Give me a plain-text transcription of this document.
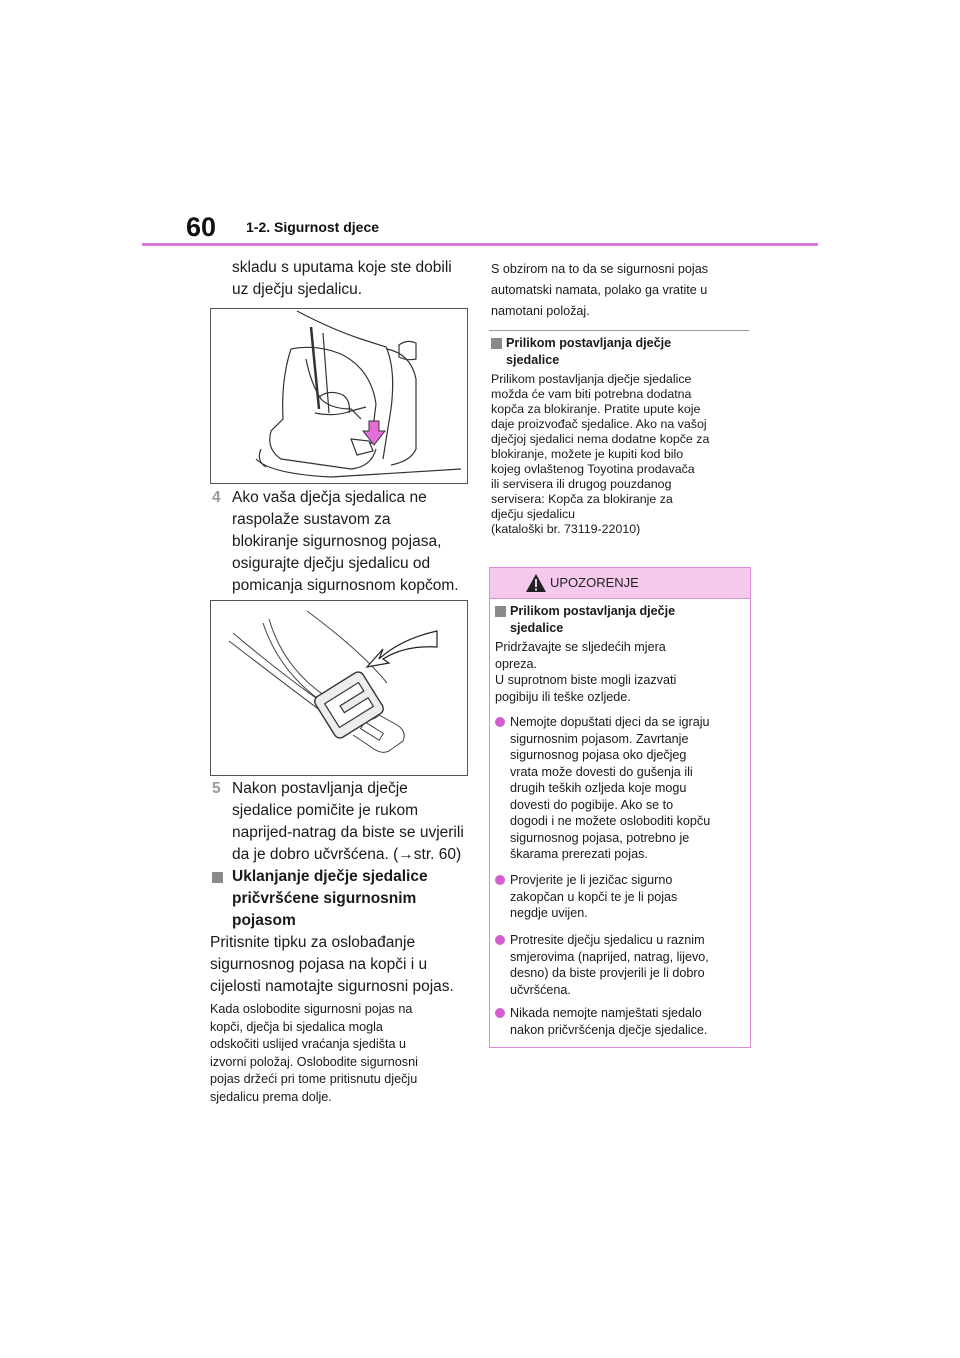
60 1-2. Sigurnost djece
skladu s uputama koje ste dobili
uz dječju sjedalicu.
4 Ako vaša dječja sjedalica ne
raspolaže sustavom za
blokiranje sigurnosnog pojasa,
osigurajte dječju sjedalicu od
pomicanja sigurnosnom kopčom.
5 Nakon postavljanja dječje
sjedalice pomičite je rukom
naprijed-natrag da biste se uvjerili
da je dobro učvršćena. (→str. 60)
Uklanjanje dječje sjedalice
pričvršćene sigurnosnim
pojasom
Pritisnite tipku za oslobađanje
sigurnosnog pojasa na kopči i u
cijelosti namotajte sigurnosni pojas.
Kada oslobodite sigurnosni pojas na
kopči, dječja bi sjedalica mogla
odskočiti uslijed vraćanja sjedišta u
izvorni položaj. Oslobodite sigurnosni
pojas držeći pri tome pritisnutu dječju
sjedalicu prema dolje.
S obzirom na to da se sigurnosni pojas
automatski namata, polako ga vratite u
namotani položaj.
Prilikom postavljanja dječje
sjedalice
Prilikom postavljanja dječje sjedalice
možda će vam biti potrebna dodatna
kopča za blokiranje. Pratite upute koje
daje proizvođač sjedalice. Ako na vašoj
dječjoj sjedalici nema dodatne kopče za
blokiranje, možete je kupiti kod bilo
kojeg ovlaštenog Toyotina prodavača
ili servisera ili drugog pouzdanog
servisera: Kopča za blokiranje za
dječju sjedalicu
(kataloški br. 73119-22010)
UPOZORENJE
Prilikom postavljanja dječje
sjedalice
Pridržavajte se sljedećih mjera
opreza.
U suprotnom biste mogli izazvati
pogibiju ili teške ozljede.
Nemojte dopuštati djeci da se igraju
sigurnosnim pojasom. Zavrtanje
sigurnosnog pojasa oko dječjeg
vrata može dovesti do gušenja ili
drugih teških ozljeda koje mogu
dovesti do pogibije. Ako se to
dogodi i ne možete osloboditi kopču
sigurnosnog pojasa, potrebno je
škarama prerezati pojas.
Provjerite je li jezičac sigurno
zakopčan u kopči te je li pojas
negdje uvijen.
Protresite dječju sjedalicu u raznim
smjerovima (naprijed, natrag, lijevo,
desno) da biste provjerili je li dobro
učvršćena.
Nikada nemojte namještati sjedalo
nakon pričvršćenja dječje sjedalice.
